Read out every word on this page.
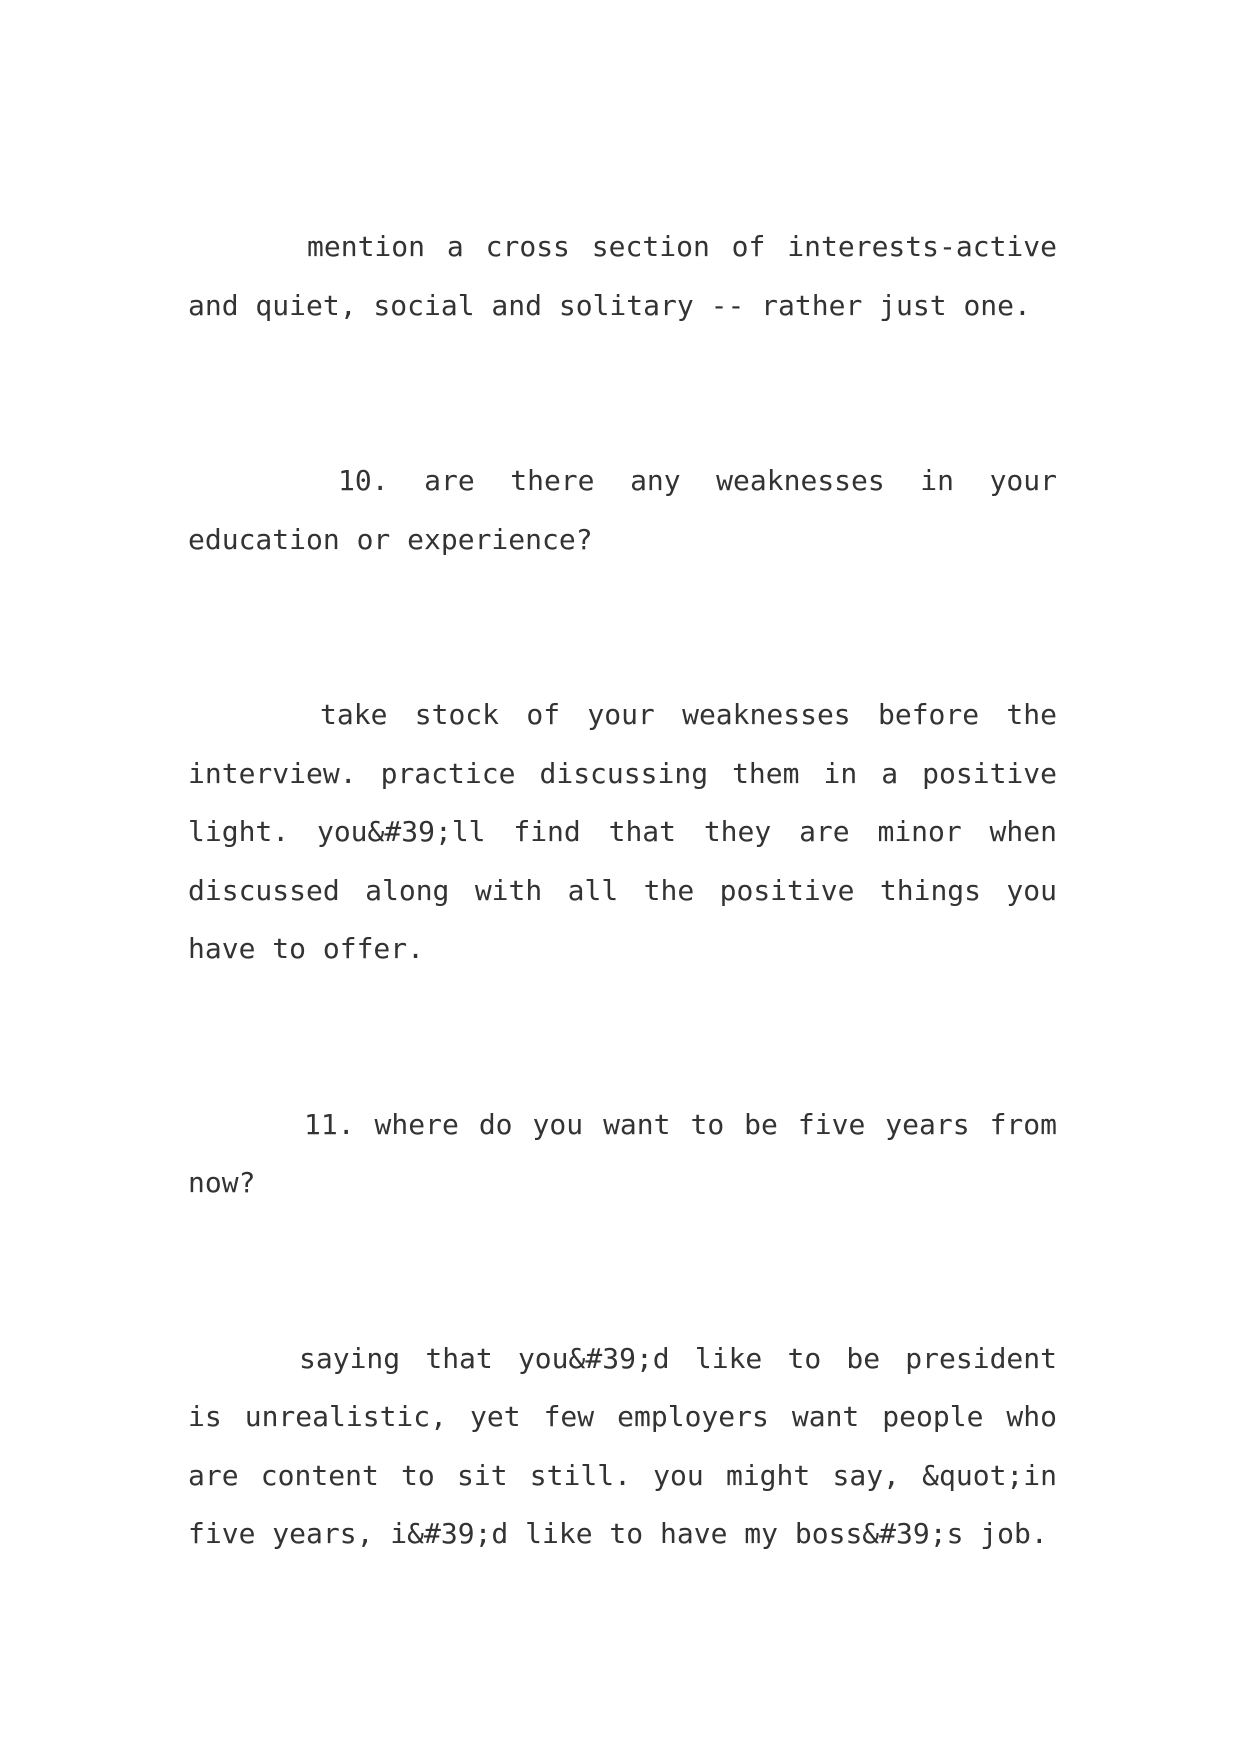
mention a cross section of interests-active and quiet, social and solitary -- rather just one.

10. are there any weaknesses in your education or experience?

take stock of your weaknesses before the interview. practice discussing them in a positive light. you&#39;ll find that they are minor when discussed along with all the positive things you have to offer.

11. where do you want to be five years from now?

saying that you&#39;d like to be president is unrealistic, yet few employers want people who are content to sit still. you might say, &quot;in five years, i&#39;d like to have my boss&#39;s job.
